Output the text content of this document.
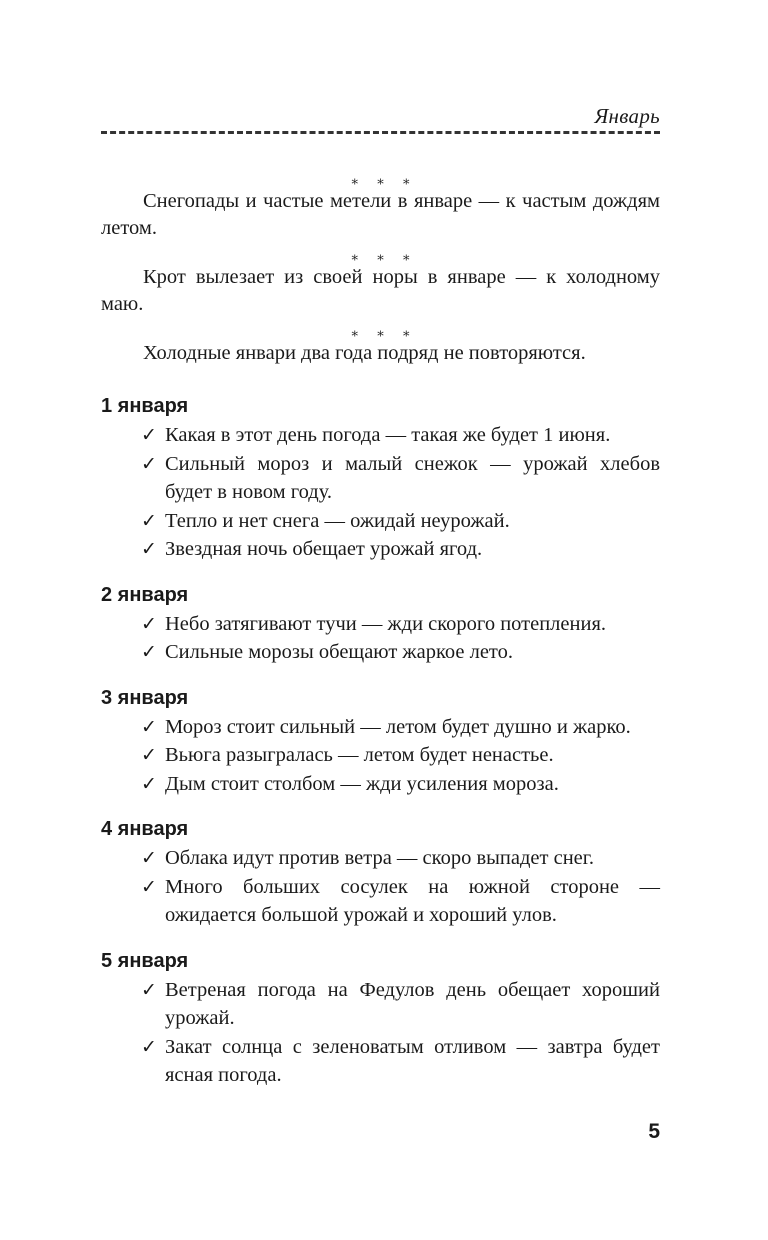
Январь
⁎ ⁎ ⁎

Снегопады и частые метели в январе — к частым дождям летом.

⁎ ⁎ ⁎

Крот вылезает из своей норы в январе — к холодному маю.

⁎ ⁎ ⁎

Холодные январи два года подряд не повторяются.

1 января
✓ Какая в этот день погода — такая же будет 1 июня.
✓ Сильный мороз и малый снежок — урожай хлебов будет в новом году.
✓ Тепло и нет снега — ожидай неурожай.
✓ Звездная ночь обещает урожай ягод.
2 января
✓ Небо затягивают тучи — жди скорого потепления.
✓ Сильные морозы обещают жаркое лето.
3 января
✓ Мороз стоит сильный — летом будет душно и жарко.
✓ Вьюга разыгралась — летом будет ненастье.
✓ Дым стоит столбом — жди усиления мороза.
4 января
✓ Облака идут против ветра — скоро выпадет снег.
✓ Много больших сосулек на южной стороне — ожидается большой урожай и хороший улов.
5 января
✓ Ветреная погода на Федулов день обещает хороший урожай.
✓ Закат солнца с зеленоватым отливом — завтра будет ясная погода.
5
